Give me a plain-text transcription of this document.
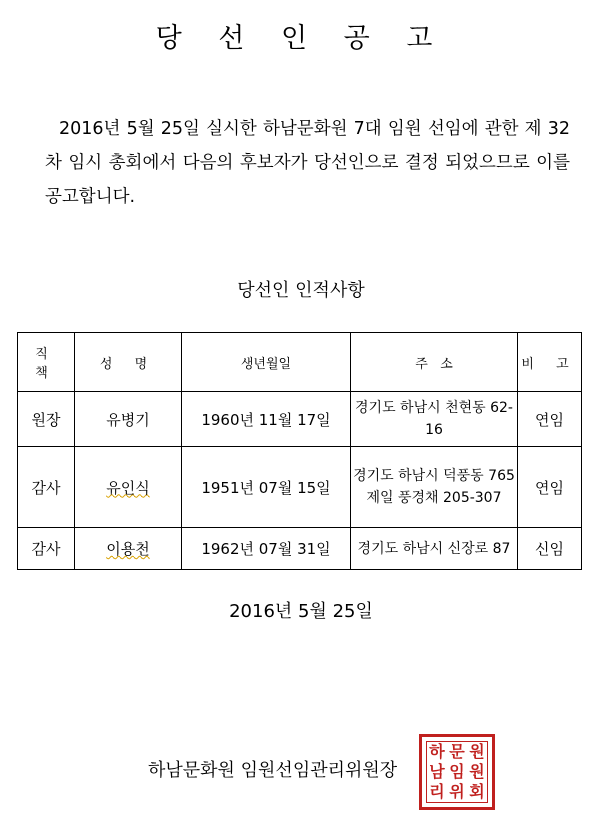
당 선 인 공 고

2016년 5월 25일 실시한 하남문화원 7대 임원 선임에 관한 제 32차 임시 총회에서 다음의 후보자가 당선인으로 결정 되었으므로 이를 공고합니다.

당선인 인적사항
직 책	성 명	생년월일	주   소	비 고
원장	유병기	1960년 11월 17일	경기도 하남시 천현동 62-16	연임
감사	유인식	1951년 07월 15일	경기도 하남시 덕풍동 765 제일 풍경채 205-307	연임
감사	이용천	1962년 07월 31일	경기도 하남시 신장로 87	신임
2016년 5월 25일
하남문화원 임원선임관리위원장
하 문 원
남 임 원
리 위 회
